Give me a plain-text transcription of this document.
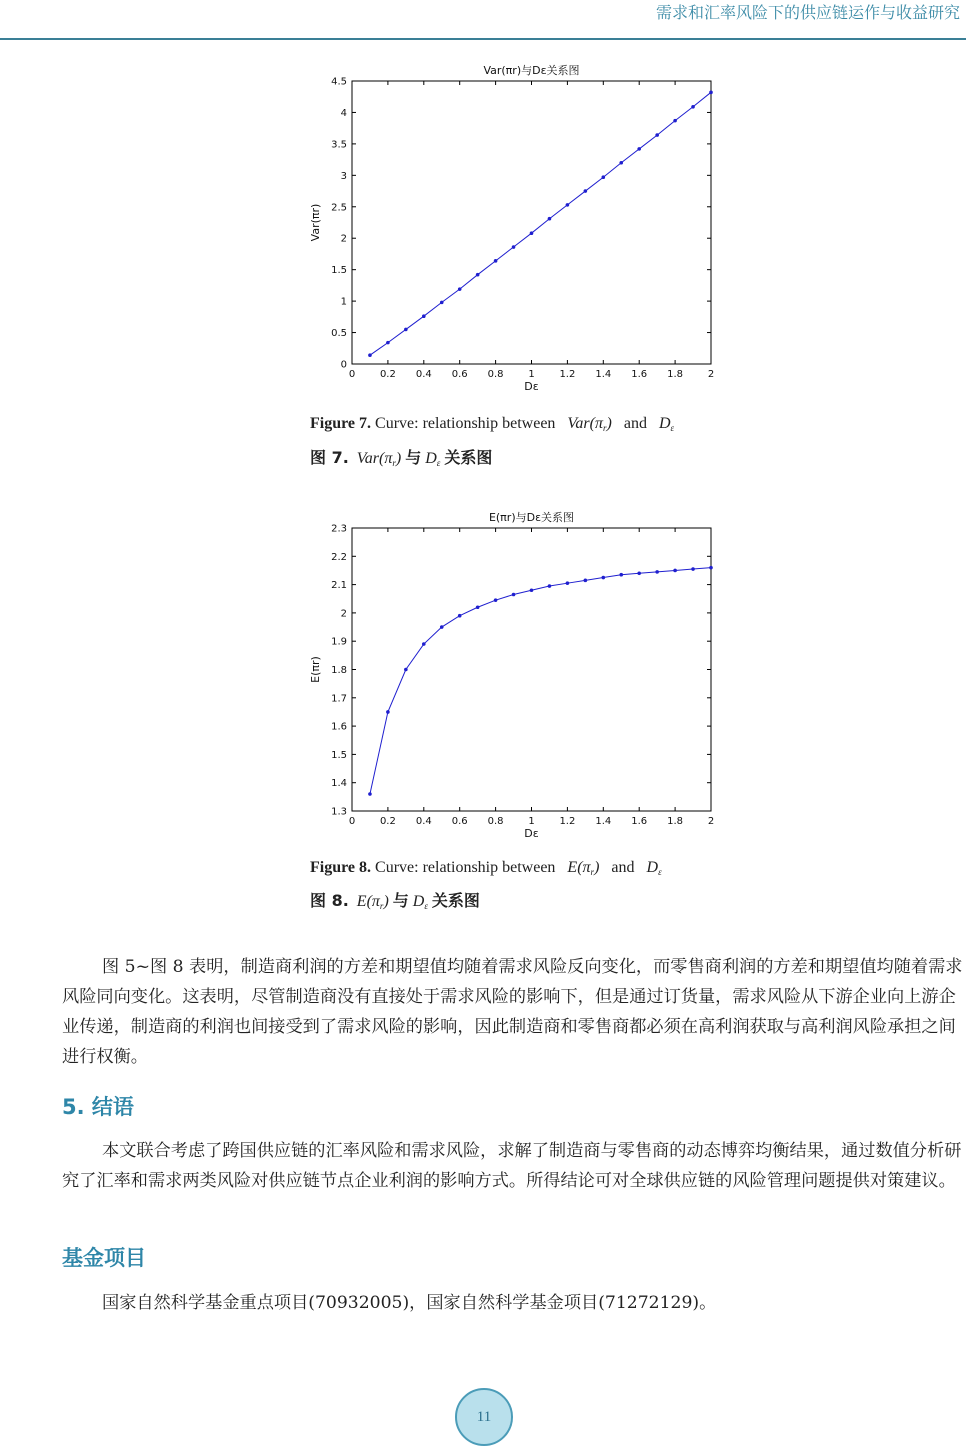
需求和汇率风险下的供应链运作与收益研究
Var(πr)与Dε关系图
0 0.2 0.4 0.6 0.8 1 1.2 1.4 1.6 1.8 2
0
0.5
1
1.5
2
2.5
3
3.5
4
4.5
Dε
Var(πr)
Figure 7. Curve: relationship between $Var(\pi_r)$ and $D_\varepsilon$
图 7. $Var(\pi_r)$ 与 $D_\varepsilon$ 关系图
E(πr)与Dε关系图
0 0.2 0.4 0.6 0.8 1 1.2 1.4 1.6 1.8 2
1.3
1.4
1.5
1.6
1.7
1.8
1.9
2
2.1
2.2
2.3
Dε
E(πr)
Figure 8. Curve: relationship between $E(\pi_r)$ and $D_\varepsilon$
图 8. $E(\pi_r)$ 与 $D_\varepsilon$ 关系图
图 5~图 8 表明，制造商利润的方差和期望值均随着需求风险反向变化，而零售商利润的方差和期望值均随着需求风险同向变化。这表明，尽管制造商没有直接处于需求风险的影响下，但是通过订货量，需求风险从下游企业向上游企业传递，制造商的利润也间接受到了需求风险的影响，因此制造商和零售商都必须在高利润获取与高利润风险承担之间进行权衡。
5. 结语
本文联合考虑了跨国供应链的汇率风险和需求风险，求解了制造商与零售商的动态博弈均衡结果，通过数值分析研究了汇率和需求两类风险对供应链节点企业利润的影响方式。所得结论可对全球供应链的风险管理问题提供对策建议。
基金项目
国家自然科学基金重点项目(70932005)，国家自然科学基金项目(71272129)。
11
